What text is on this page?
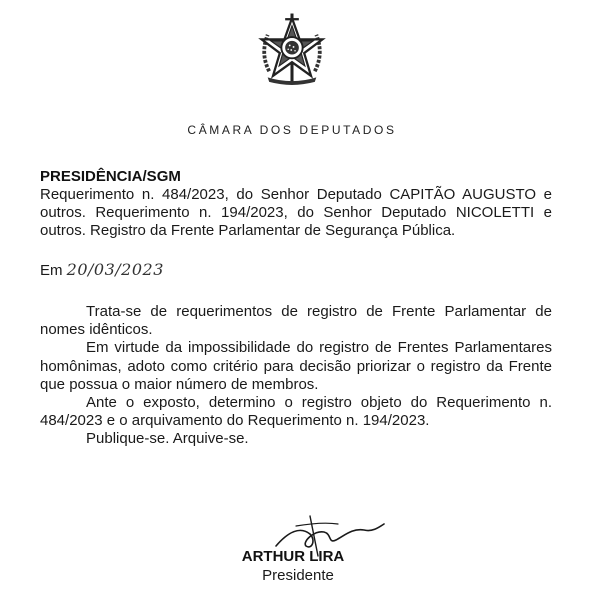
CÂMARA DOS DEPUTADOS
PRESIDÊNCIA/SGM
Requerimento n. 484/2023, do Senhor Deputado CAPITÃO AUGUSTO e outros. Requerimento n. 194/2023, do Senhor Deputado NICOLETTI e outros. Registro da Frente Parlamentar de Segurança Pública.
Em 20/03/2023

Trata-se de requerimentos de registro de Frente Parlamentar de nomes idênticos.

Em virtude da impossibilidade do registro de Frentes Parlamentares homônimas, adoto como critério para decisão priorizar o registro da Frente que possua o maior número de membros.

Ante o exposto, determino o registro objeto do Requerimento n. 484/2023 e o arquivamento do Requerimento n. 194/2023.

Publique-se. Arquive-se.

ARTHUR LIRA
Presidente
